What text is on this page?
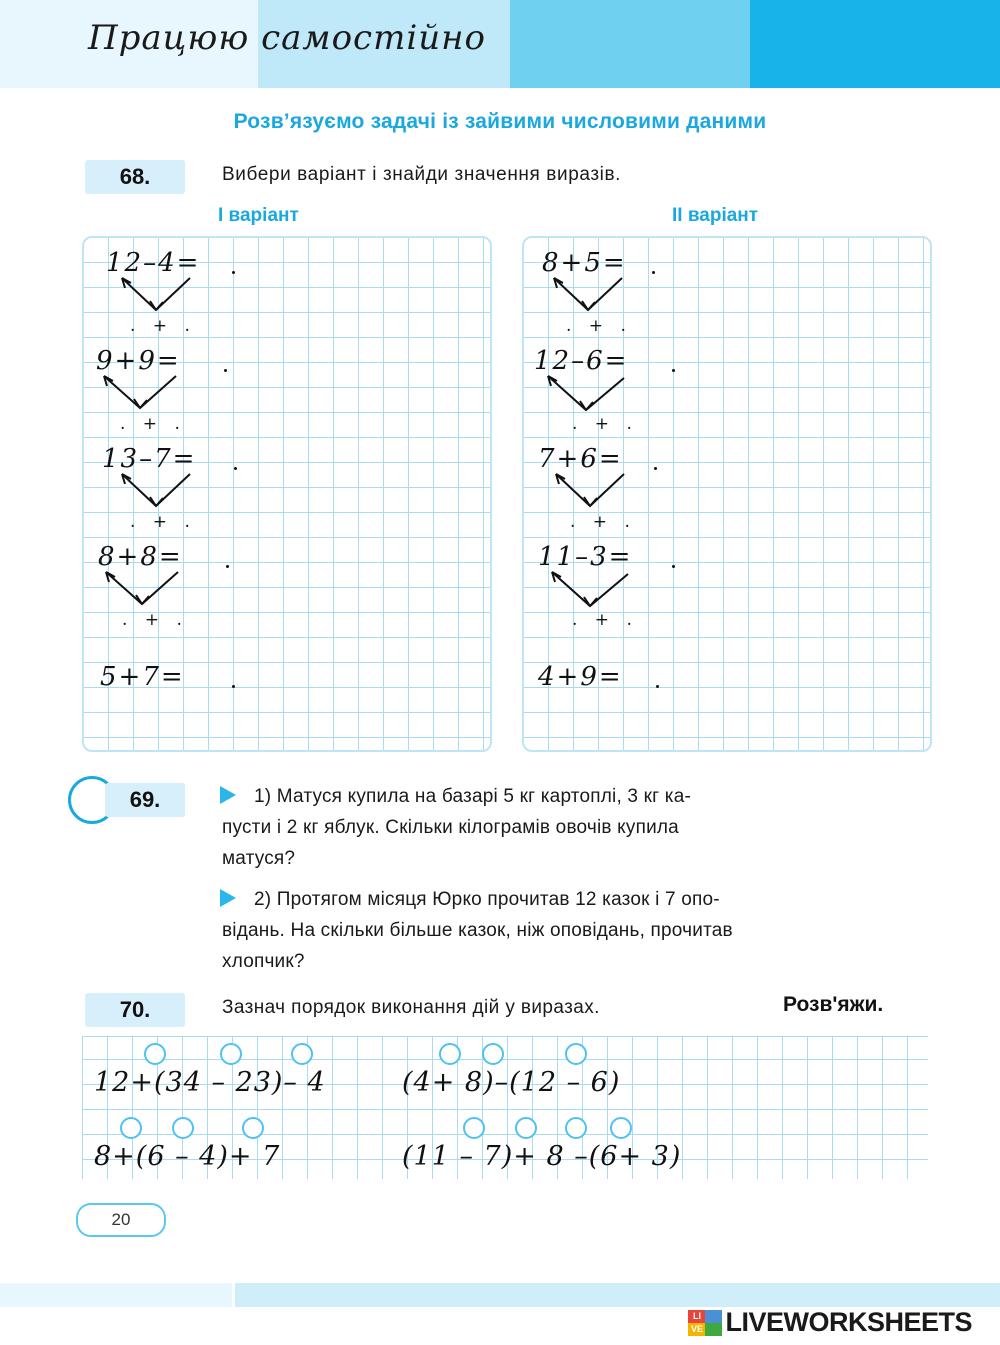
Працюю самостійно
Розв’язуємо задачі із зайвими числовими даними
68.	Вибери варіант і знайди значення виразів.
I варіант	II варіант
12–4=
. + .
9+9=
. + .
13–7=
. + .
8+8=
. + .
5+7=
8+5=
. + .
12–6=
. + .
7+6=
. + .
11–3=
. + .
4+9=
69.	1) Матуся купила на базарі 5 кг картоплі, 3 кг ка-
пусти і 2 кг яблук. Скільки кілограмів овочів купила
матуся?
2) Протягом місяця Юрко прочитав 12 казок і 7 опо-
відань. На скільки більше казок, ніж оповідань, прочитав
хлопчик?
70.	Зазнач порядок виконання дій у виразах.	Розв'яжи.
12+(34 – 23)– 4	(4+ 8)–(12 – 6)
8+(6 – 4)+ 7	(11 – 7)+ 8 –(6+ 3)
20
LI
VE LIVEWORKSHEETS
